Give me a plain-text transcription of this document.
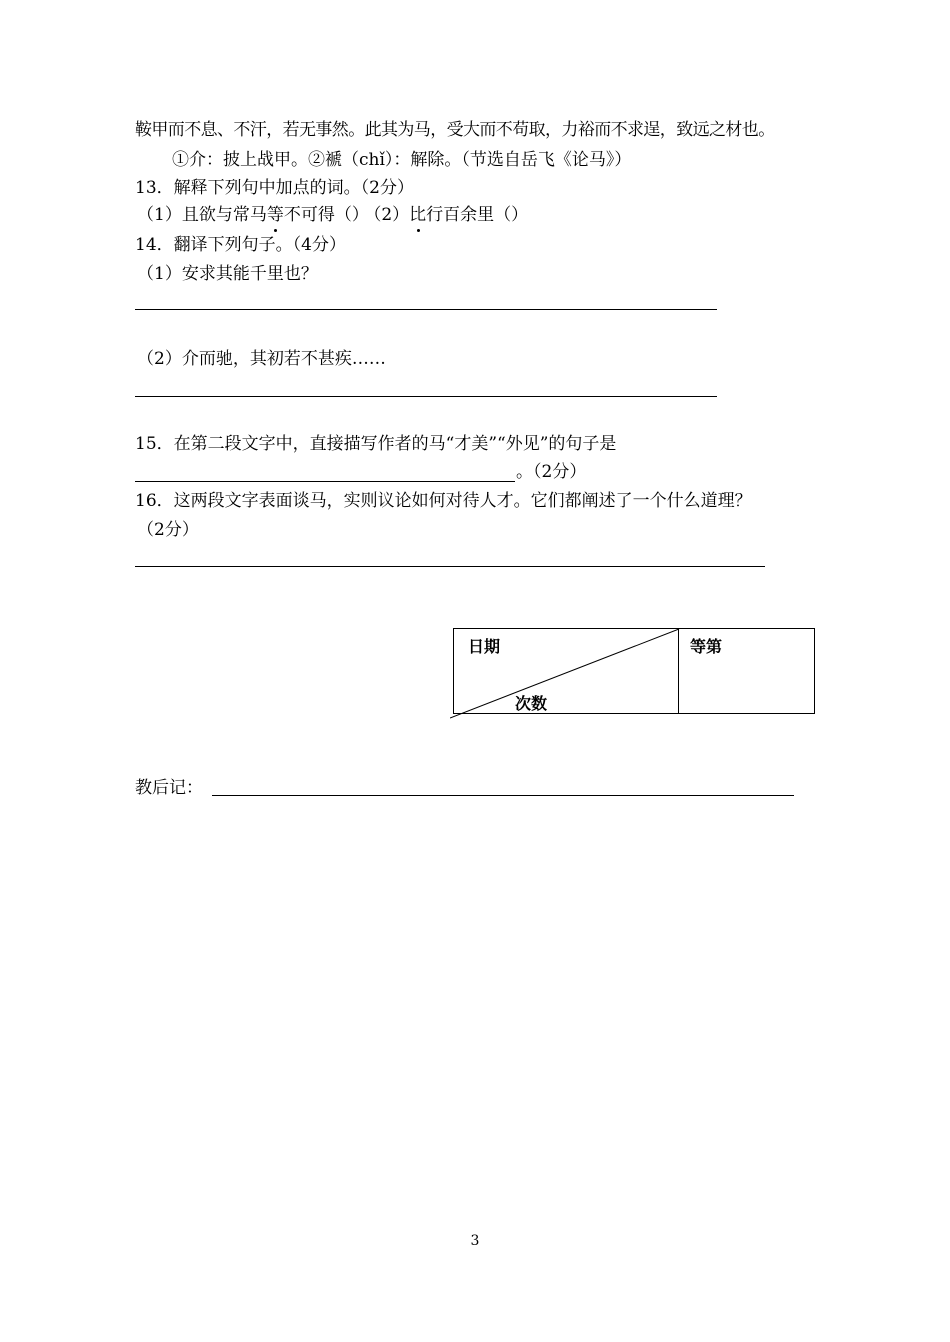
鞍甲而不息、不汗，若无事然。此其为马，受大而不苟取，力裕而不求逞，致远之材也。
①介：披上战甲。②褫（chǐ）：解除。（节选自岳飞《论马》）
13．解释下列句中加点的词。（2分）
（1）且欲与常马等不可得（） （2）比行百余里（）
14．翻译下列句子。（4分）
（1）安求其能千里也？
（2）介而驰，其初若不甚疾……
15．在第二段文字中，直接描写作者的马“才美”“外见”的句子是
。（2分）
16．这两段文字表面谈马，实则议论如何对待人才。它们都阐述了一个什么道理？
（2分）
日期
次数
等第
教后记：
3
